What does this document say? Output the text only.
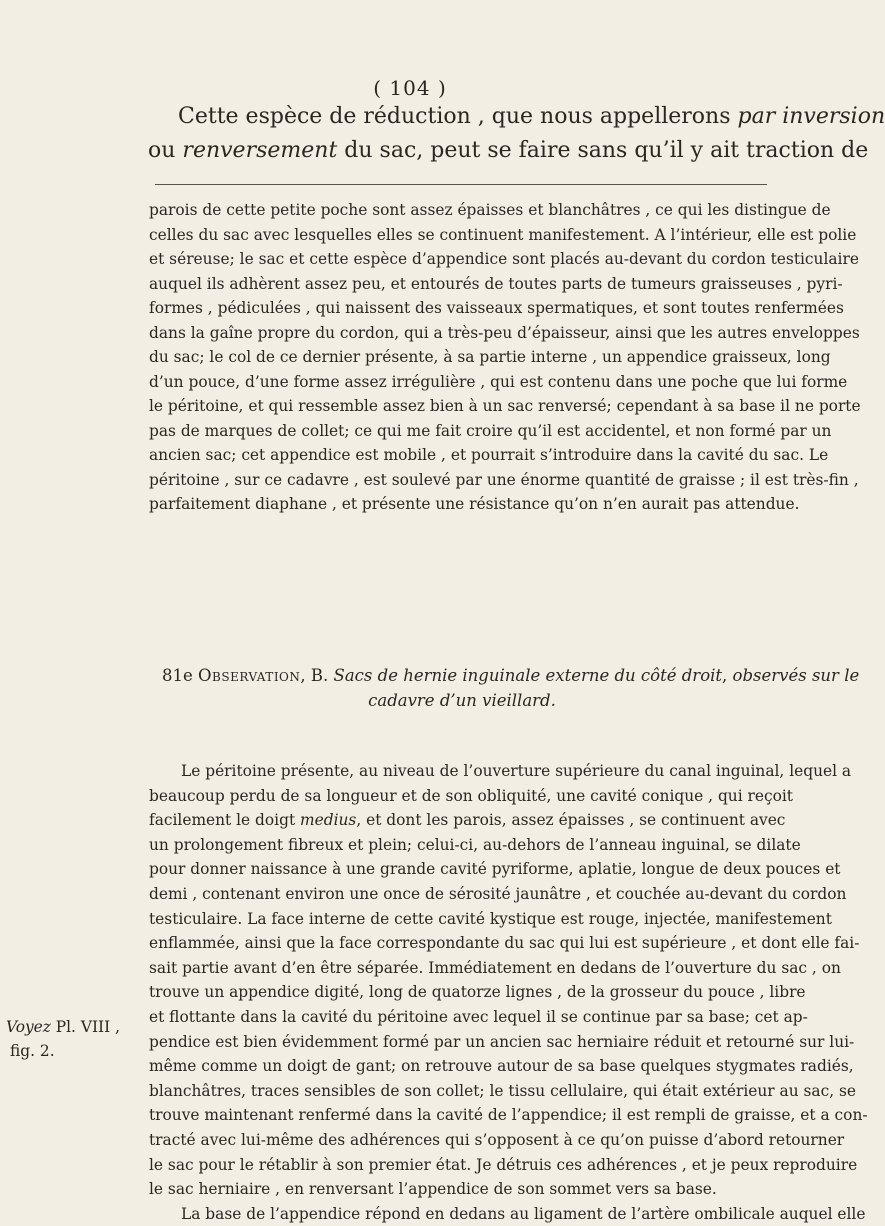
( 104 )
Cette espèce de réduction , que nous appellerons par inversion
ou renversement du sac, peut se faire sans qu’il y ait traction de
parois de cette petite poche sont assez épaisses et blanchâtres , ce qui les distingue de
celles du sac avec lesquelles elles se continuent manifestement. A l’intérieur, elle est polie
et séreuse; le sac et cette espèce d’appendice sont placés au-devant du cordon testiculaire
auquel ils adhèrent assez peu, et entourés de toutes parts de tumeurs graisseuses , pyri-
formes , pédiculées , qui naissent des vaisseaux spermatiques, et sont toutes renfermées
dans la gaîne propre du cordon, qui a très-peu d’épaisseur, ainsi que les autres enveloppes
du sac; le col de ce dernier présente, à sa partie interne , un appendice graisseux, long
d’un pouce, d’une forme assez irrégulière , qui est contenu dans une poche que lui forme
le péritoine, et qui ressemble assez bien à un sac renversé; cependant à sa base il ne porte
pas de marques de collet; ce qui me fait croire qu’il est accidentel, et non formé par un
ancien sac; cet appendice est mobile , et pourrait s’introduire dans la cavité du sac. Le
péritoine , sur ce cadavre , est soulevé par une énorme quantité de graisse ; il est très-fin ,
parfaitement diaphane , et présente une résistance qu’on n’en aurait pas attendue.
81e Observation, B. Sacs de hernie inguinale externe du côté droit, observés sur le
cadavre d’un vieillard.
Le péritoine présente, au niveau de l’ouverture supérieure du canal inguinal, lequel a
beaucoup perdu de sa longueur et de son obliquité, une cavité conique , qui reçoit
facilement le doigt medius, et dont les parois, assez épaisses , se continuent avec
un prolongement fibreux et plein; celui-ci, au-dehors de l’anneau inguinal, se dilate
pour donner naissance à une grande cavité pyriforme, aplatie, longue de deux pouces et
demi , contenant environ une once de sérosité jaunâtre , et couchée au-devant du cordon
testiculaire. La face interne de cette cavité kystique est rouge, injectée, manifestement
enflammée, ainsi que la face correspondante du sac qui lui est supérieure , et dont elle fai-
sait partie avant d’en être séparée. Immédiatement en dedans de l’ouverture du sac , on
trouve un appendice digité, long de quatorze lignes , de la grosseur du pouce , libre
et flottante dans la cavité du péritoine avec lequel il se continue par sa base; cet ap-
pendice est bien évidemment formé par un ancien sac herniaire réduit et retourné sur lui-
même comme un doigt de gant; on retrouve autour de sa base quelques stygmates radiés,
blanchâtres, traces sensibles de son collet; le tissu cellulaire, qui était extérieur au sac, se
trouve maintenant renfermé dans la cavité de l’appendice; il est rempli de graisse, et a con-
tracté avec lui-même des adhérences qui s’opposent à ce qu’on puisse d’abord retourner
le sac pour le rétablir à son premier état. Je détruis ces adhérences , et je peux reproduire
le sac herniaire , en renversant l’appendice de son sommet vers sa base.
La base de l’appendice répond en dedans au ligament de l’artère ombilicale auquel elle
Voyez Pl. VIII ,
fig. 2.
